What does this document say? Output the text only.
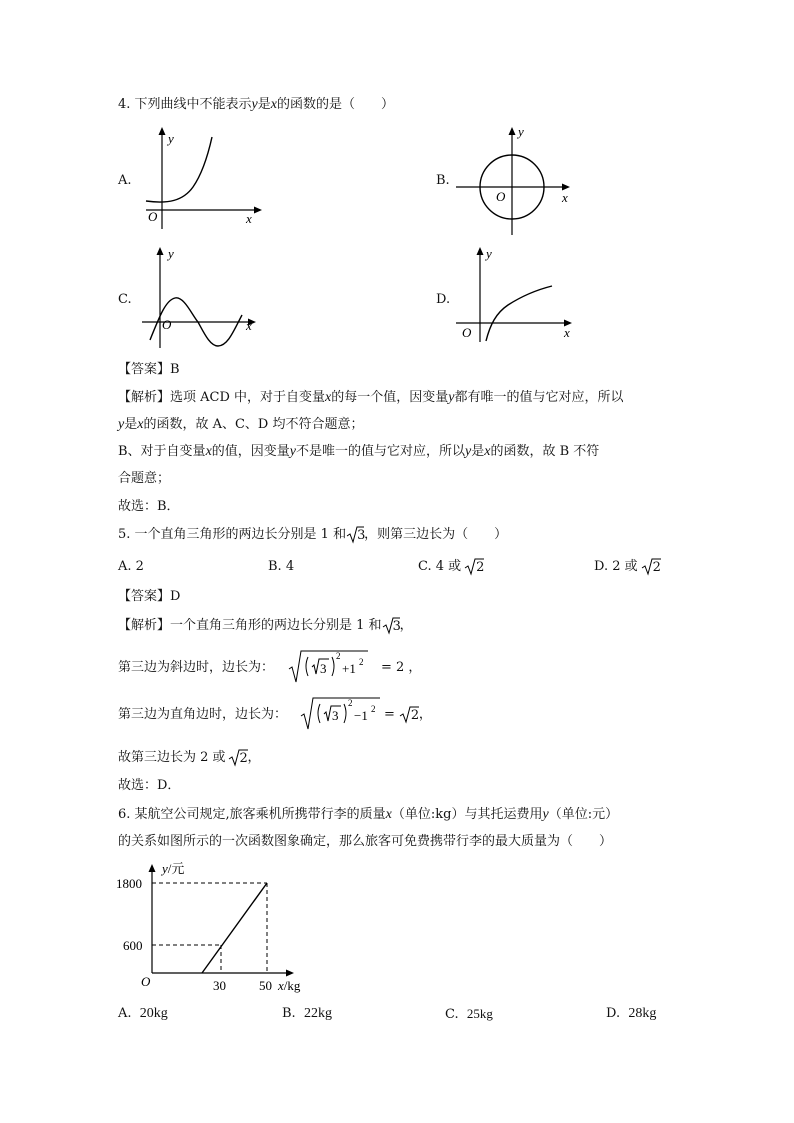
4. 下列曲线中不能表示y是x的函数的是（　　）
A.
y
O	x
B.
y
O	x
C.
y
O	x
D.
y
O	x
【答案】B
【解析】选项 ACD 中，对于自变量x的每一个值，因变量y都有唯一的值与它对应，所以
y是x的函数，故 A、C、D 均不符合题意；
B、对于自变量x的值，因变量y不是唯一的值与它对应，所以y是x的函数，故 B 不符
合题意；
故选：B．
5. 一个直角三角形的两边长分别是 1 和 3
，则第三边长为（　　）
A. 2	B. 4	C. 4 或 2	D. 2 或 2
【答案】D
【解析】一个直角三角形的两边长分别是 1 和 3
，
第三边为斜边时，边长为：	3
2
+1 2 = 2 ，
第三边为直角边时，边长为：	3
2
−1 2 = 2 ，
故第三边长为 2 或 2 ，
故选：D．
6. 某航空公司规定,旅客乘机所携带行李的质量x（单位:kg）与其托运费用y（单位:元）
的关系如图所示的一次函数图象确定，那么旅客可免费携带行李的最大质量为（　　）
y/元
1800
600
O	30	50 x/kg
A. 20kg	B. 22kg	C. 25kg	D. 28kg
